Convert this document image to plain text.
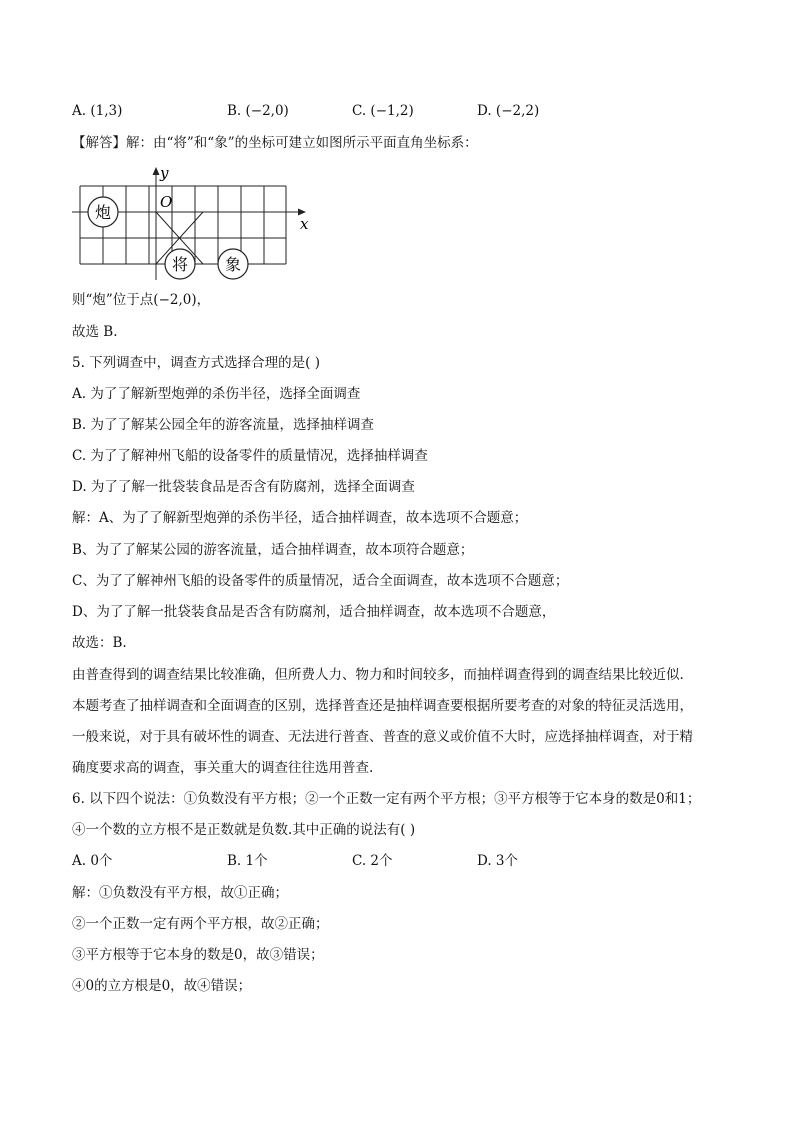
A. (1,3)	B. (−2,0)	C. (−1,2)	D. (−2,2)
【解答】解：由“将”和“象”的坐标可建立如图所示平面直角坐标系：
x
y
O
炮
将 象
则“炮”位于点(−2,0)，
故选 B.
5. 下列调查中，调查方式选择合理的是( )
A. 为了了解新型炮弹的杀伤半径，选择全面调查
B. 为了了解某公园全年的游客流量，选择抽样调查
C. 为了了解神州飞船的设备零件的质量情况，选择抽样调查
D. 为了了解一批袋装食品是否含有防腐剂，选择全面调查
解：A、为了了解新型炮弹的杀伤半径，适合抽样调查，故本选项不合题意；
B、为了了解某公园的游客流量，适合抽样调查，故本项符合题意；
C、为了了解神州飞船的设备零件的质量情况，适合全面调查，故本选项不合题意；
D、为了了解一批袋装食品是否含有防腐剂，适合抽样调查，故本选项不合题意，
故选：B.
由普查得到的调查结果比较准确，但所费人力、物力和时间较多，而抽样调查得到的调查结果比较近似.
本题考查了抽样调查和全面调查的区别，选择普查还是抽样调查要根据所要考查的对象的特征灵活选用，
一般来说，对于具有破坏性的调查、无法进行普查、普查的意义或价值不大时，应选择抽样调查，对于精
确度要求高的调查，事关重大的调查往往选用普查.
6. 以下四个说法：①负数没有平方根；②一个正数一定有两个平方根；③平方根等于它本身的数是0和1；
④一个数的立方根不是正数就是负数.其中正确的说法有( )
A. 0个	B. 1个	C. 2个	D. 3个
解：①负数没有平方根，故①正确；
②一个正数一定有两个平方根，故②正确；
③平方根等于它本身的数是0，故③错误；
④0的立方根是0，故④错误；
